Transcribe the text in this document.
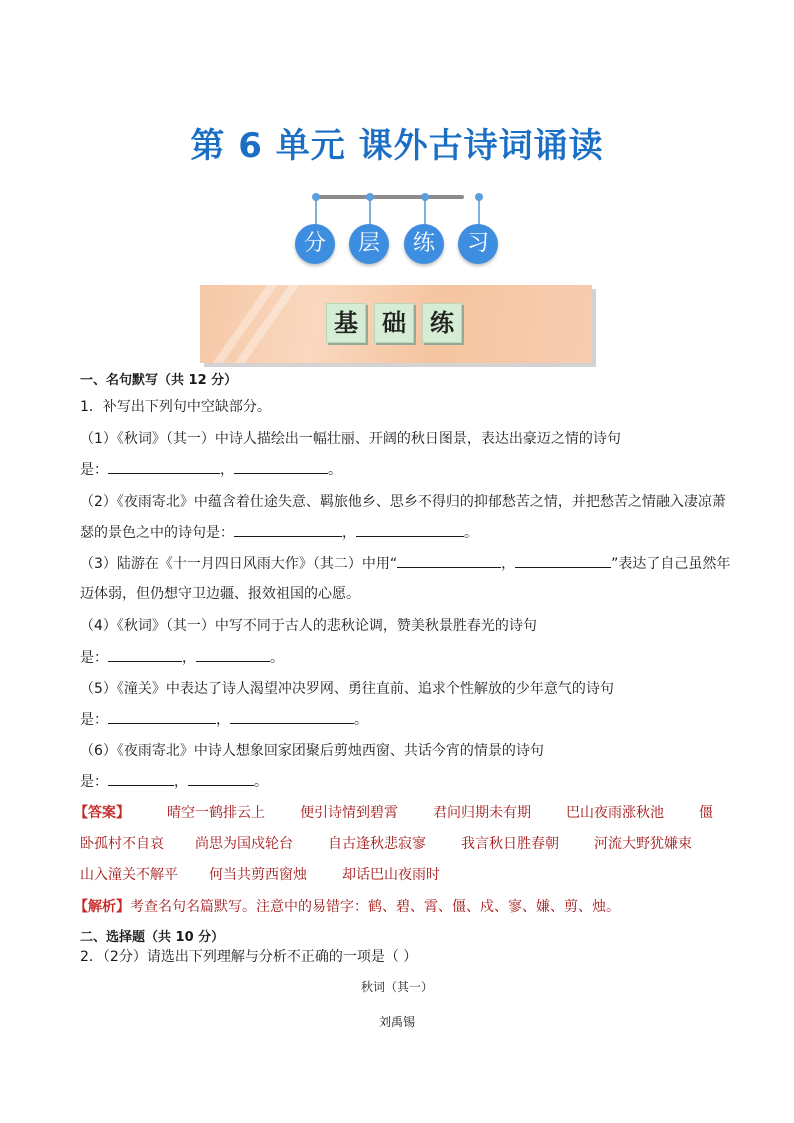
第 6 单元 课外古诗词诵读
分	层	练	习
基	础	练
一、名句默写（共 12 分）
1．补写出下列句中空缺部分。
（1）《秋词》（其一）中诗人描绘出一幅壮丽、开阔的秋日图景，表达出豪迈之情的诗句
是：	，	。
（2）《夜雨寄北》中蕴含着仕途失意、羁旅他乡、思乡不得归的抑郁愁苦之情，并把愁苦之情融入凄凉萧
瑟的景色之中的诗句是：	，	。
（3）陆游在《十一月四日风雨大作》（其二）中用“	，	”表达了自己虽然年
迈体弱，但仍想守卫边疆、报效祖国的心愿。
（4）《秋词》（其一）中写不同于古人的悲秋论调，赞美秋景胜春光的诗句
是：	，	。
（5）《潼关》中表达了诗人渴望冲决罗网、勇往直前、追求个性解放的少年意气的诗句
是：	，	。
（6）《夜雨寄北》中诗人想象回家团聚后剪烛西窗、共话今宵的情景的诗句
是：	，	。
【答案】	晴空一鹤排云上	便引诗情到碧霄	君问归期未有期	巴山夜雨涨秋池	僵
卧孤村不自哀 尚思为国戍轮台	自古逢秋悲寂寥	我言秋日胜春朝	河流大野犹嫌束
山入潼关不解平 何当共剪西窗烛	却话巴山夜雨时
【解析】考查名句名篇默写。注意中的易错字：鹤、碧、霄、僵、戍、寥、嫌、剪、烛。
二、选择题（共 10 分）
2．（2分）请选出下列理解与分析不正确的一项是（ ）
秋词（其一）
刘禹锡
